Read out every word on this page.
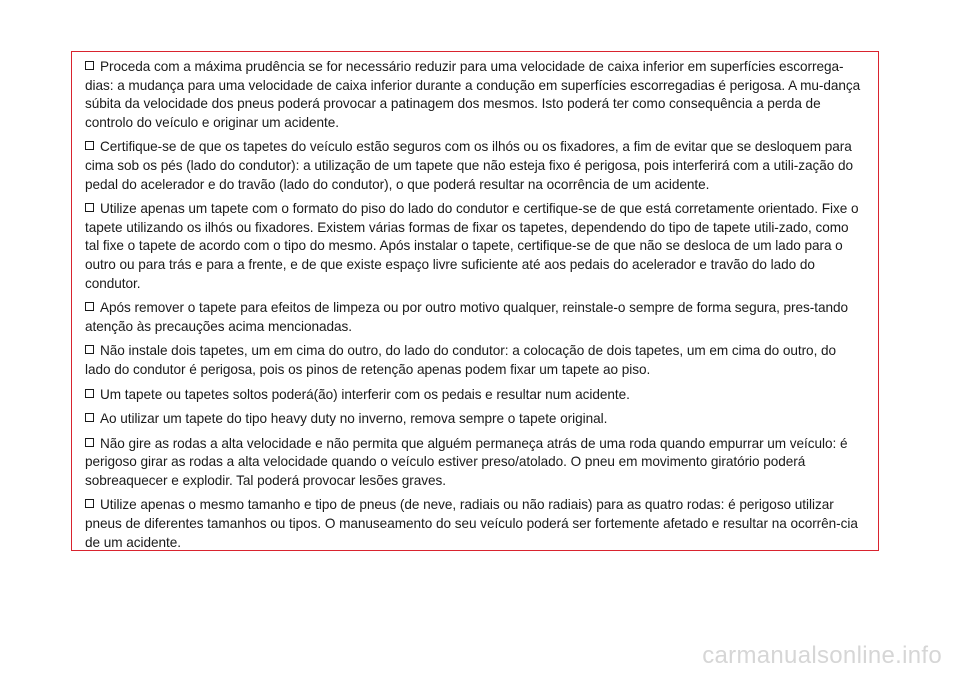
Proceda com a máxima prudência se for necessário reduzir para uma velocidade de caixa inferior em superfícies escorrega-dias: a mudança para uma velocidade de caixa inferior durante a condução em superfícies escorregadias é perigosa. A mu-dança súbita da velocidade dos pneus poderá provocar a patinagem dos mesmos. Isto poderá ter como consequência a perda de controlo do veículo e originar um acidente.

Certifique-se de que os tapetes do veículo estão seguros com os ilhós ou os fixadores, a fim de evitar que se desloquem para cima sob os pés (lado do condutor): a utilização de um tapete que não esteja fixo é perigosa, pois interferirá com a utili-zação do pedal do acelerador e do travão (lado do condutor), o que poderá resultar na ocorrência de um acidente.

Utilize apenas um tapete com o formato do piso do lado do condutor e certifique-se de que está corretamente orientado. Fixe o tapete utilizando os ilhós ou fixadores. Existem várias formas de fixar os tapetes, dependendo do tipo de tapete utili-zado, como tal fixe o tapete de acordo com o tipo do mesmo. Após instalar o tapete, certifique-se de que não se desloca de um lado para o outro ou para trás e para a frente, e de que existe espaço livre suficiente até aos pedais do acelerador e travão do lado do condutor.

Após remover o tapete para efeitos de limpeza ou por outro motivo qualquer, reinstale-o sempre de forma segura, pres-tando atenção às precauções acima mencionadas.

Não instale dois tapetes, um em cima do outro, do lado do condutor: a colocação de dois tapetes, um em cima do outro, do lado do condutor é perigosa, pois os pinos de retenção apenas podem fixar um tapete ao piso.

Um tapete ou tapetes soltos poderá(ão) interferir com os pedais e resultar num acidente.

Ao utilizar um tapete do tipo heavy duty no inverno, remova sempre o tapete original.

Não gire as rodas a alta velocidade e não permita que alguém permaneça atrás de uma roda quando empurrar um veículo: é perigoso girar as rodas a alta velocidade quando o veículo estiver preso/atolado. O pneu em movimento giratório poderá sobreaquecer e explodir. Tal poderá provocar lesões graves.

Utilize apenas o mesmo tamanho e tipo de pneus (de neve, radiais ou não radiais) para as quatro rodas: é perigoso utilizar pneus de diferentes tamanhos ou tipos. O manuseamento do seu veículo poderá ser fortemente afetado e resultar na ocorrên-cia de um acidente.

carmanualsonline.info
